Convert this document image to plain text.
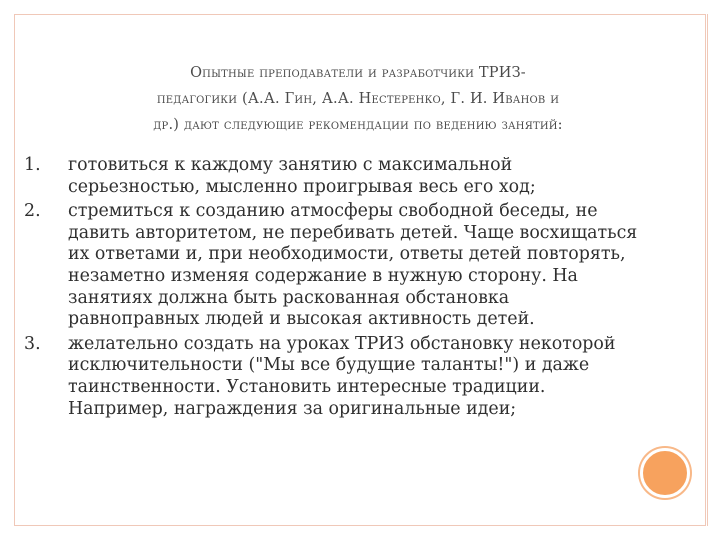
Опытные преподаватели и разработчики ТРИЗ-
педагогики (А.А. Гин, А.А. Нестеренко, Г. И. Иванов и
др.) дают следующие рекомендации по ведению занятий:
1.	готовиться к каждому занятию с максимальной серьезностью, мысленно проигрывая весь его ход;
2.	стремиться к созданию атмосферы свободной беседы, не давить авторитетом, не перебивать детей. Чаще восхищаться их ответами и, при необходимости, ответы детей повторять, незаметно изменяя содержание в нужную сторону. На занятиях должна быть раскованная обстановка равноправных людей и высокая активность детей.
3.	желательно создать на уроках ТРИЗ обстановку некоторой исключительности ("Мы все будущие таланты!") и даже таинственности. Установить интересные традиции. Например, награждения за оригинальные идеи;
